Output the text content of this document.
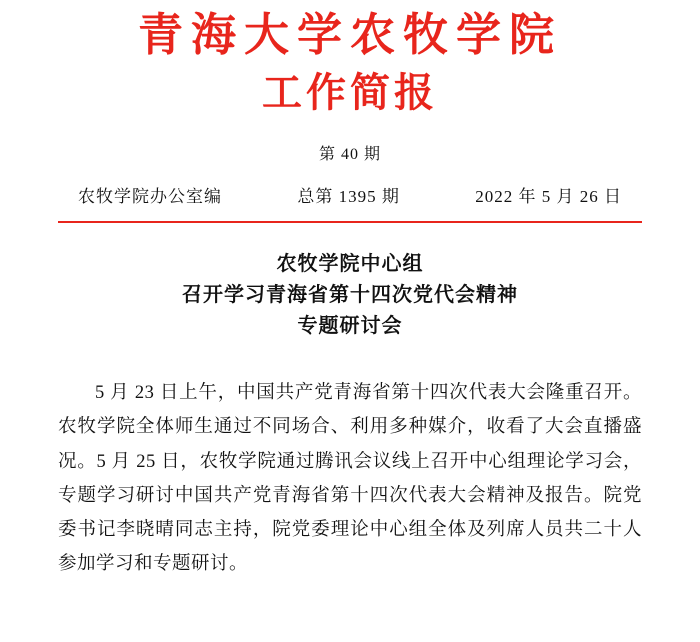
青海大学农牧学院
工作简报
第 40 期
农牧学院办公室编	总第 1395 期	2022 年 5 月 26 日
农牧学院中心组
召开学习青海省第十四次党代会精神
专题研讨会

5 月 23 日上午，中国共产党青海省第十四次代表大会隆重召开。农牧学院全体师生通过不同场合、利用多种媒介，收看了大会直播盛况。5 月 25 日，农牧学院通过腾讯会议线上召开中心组理论学习会，专题学习研讨中国共产党青海省第十四次代表大会精神及报告。院党委书记李晓晴同志主持，院党委理论中心组全体及列席人员共二十人参加学习和专题研讨。
